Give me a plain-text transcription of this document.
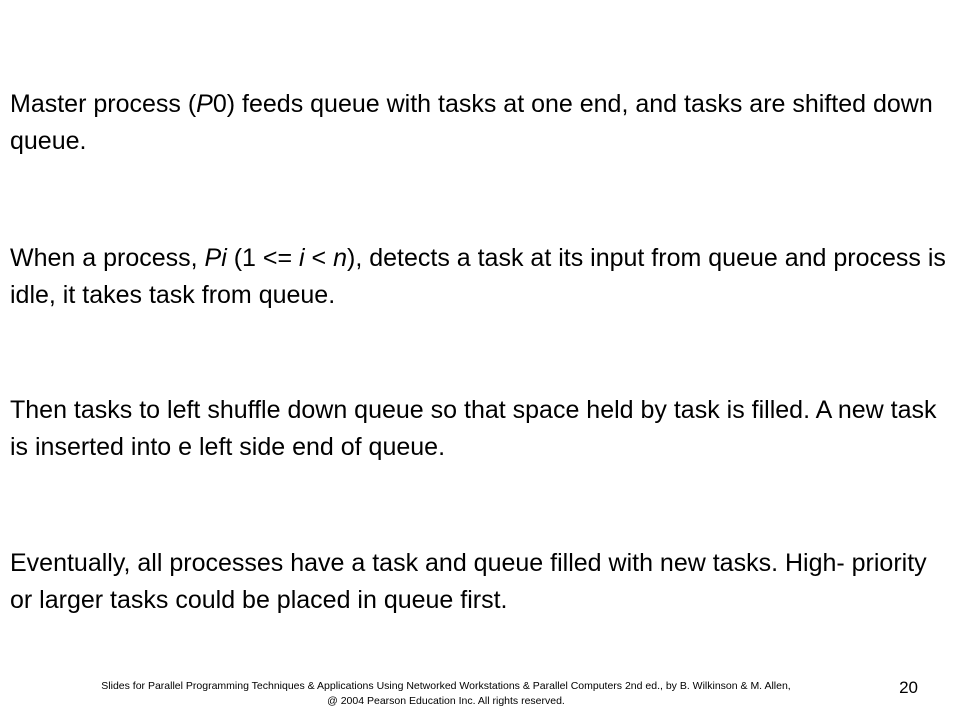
Master process (P0) feeds queue with tasks at one end, and tasks are shifted down queue.

When a process, Pi (1 <= i < n), detects a task at its input from queue and process is idle, it takes task from queue.

Then tasks to left shuffle down queue so that space held by task is filled. A new task is inserted into e left side end of queue.

Eventually, all processes have a task and queue filled with new tasks. High- priority or larger tasks could be placed in queue first.

Slides for Parallel Programming Techniques & Applications Using Networked Workstations & Parallel Computers 2nd ed., by B. Wilkinson & M. Allen,
@ 2004 Pearson Education Inc. All rights reserved.

20
